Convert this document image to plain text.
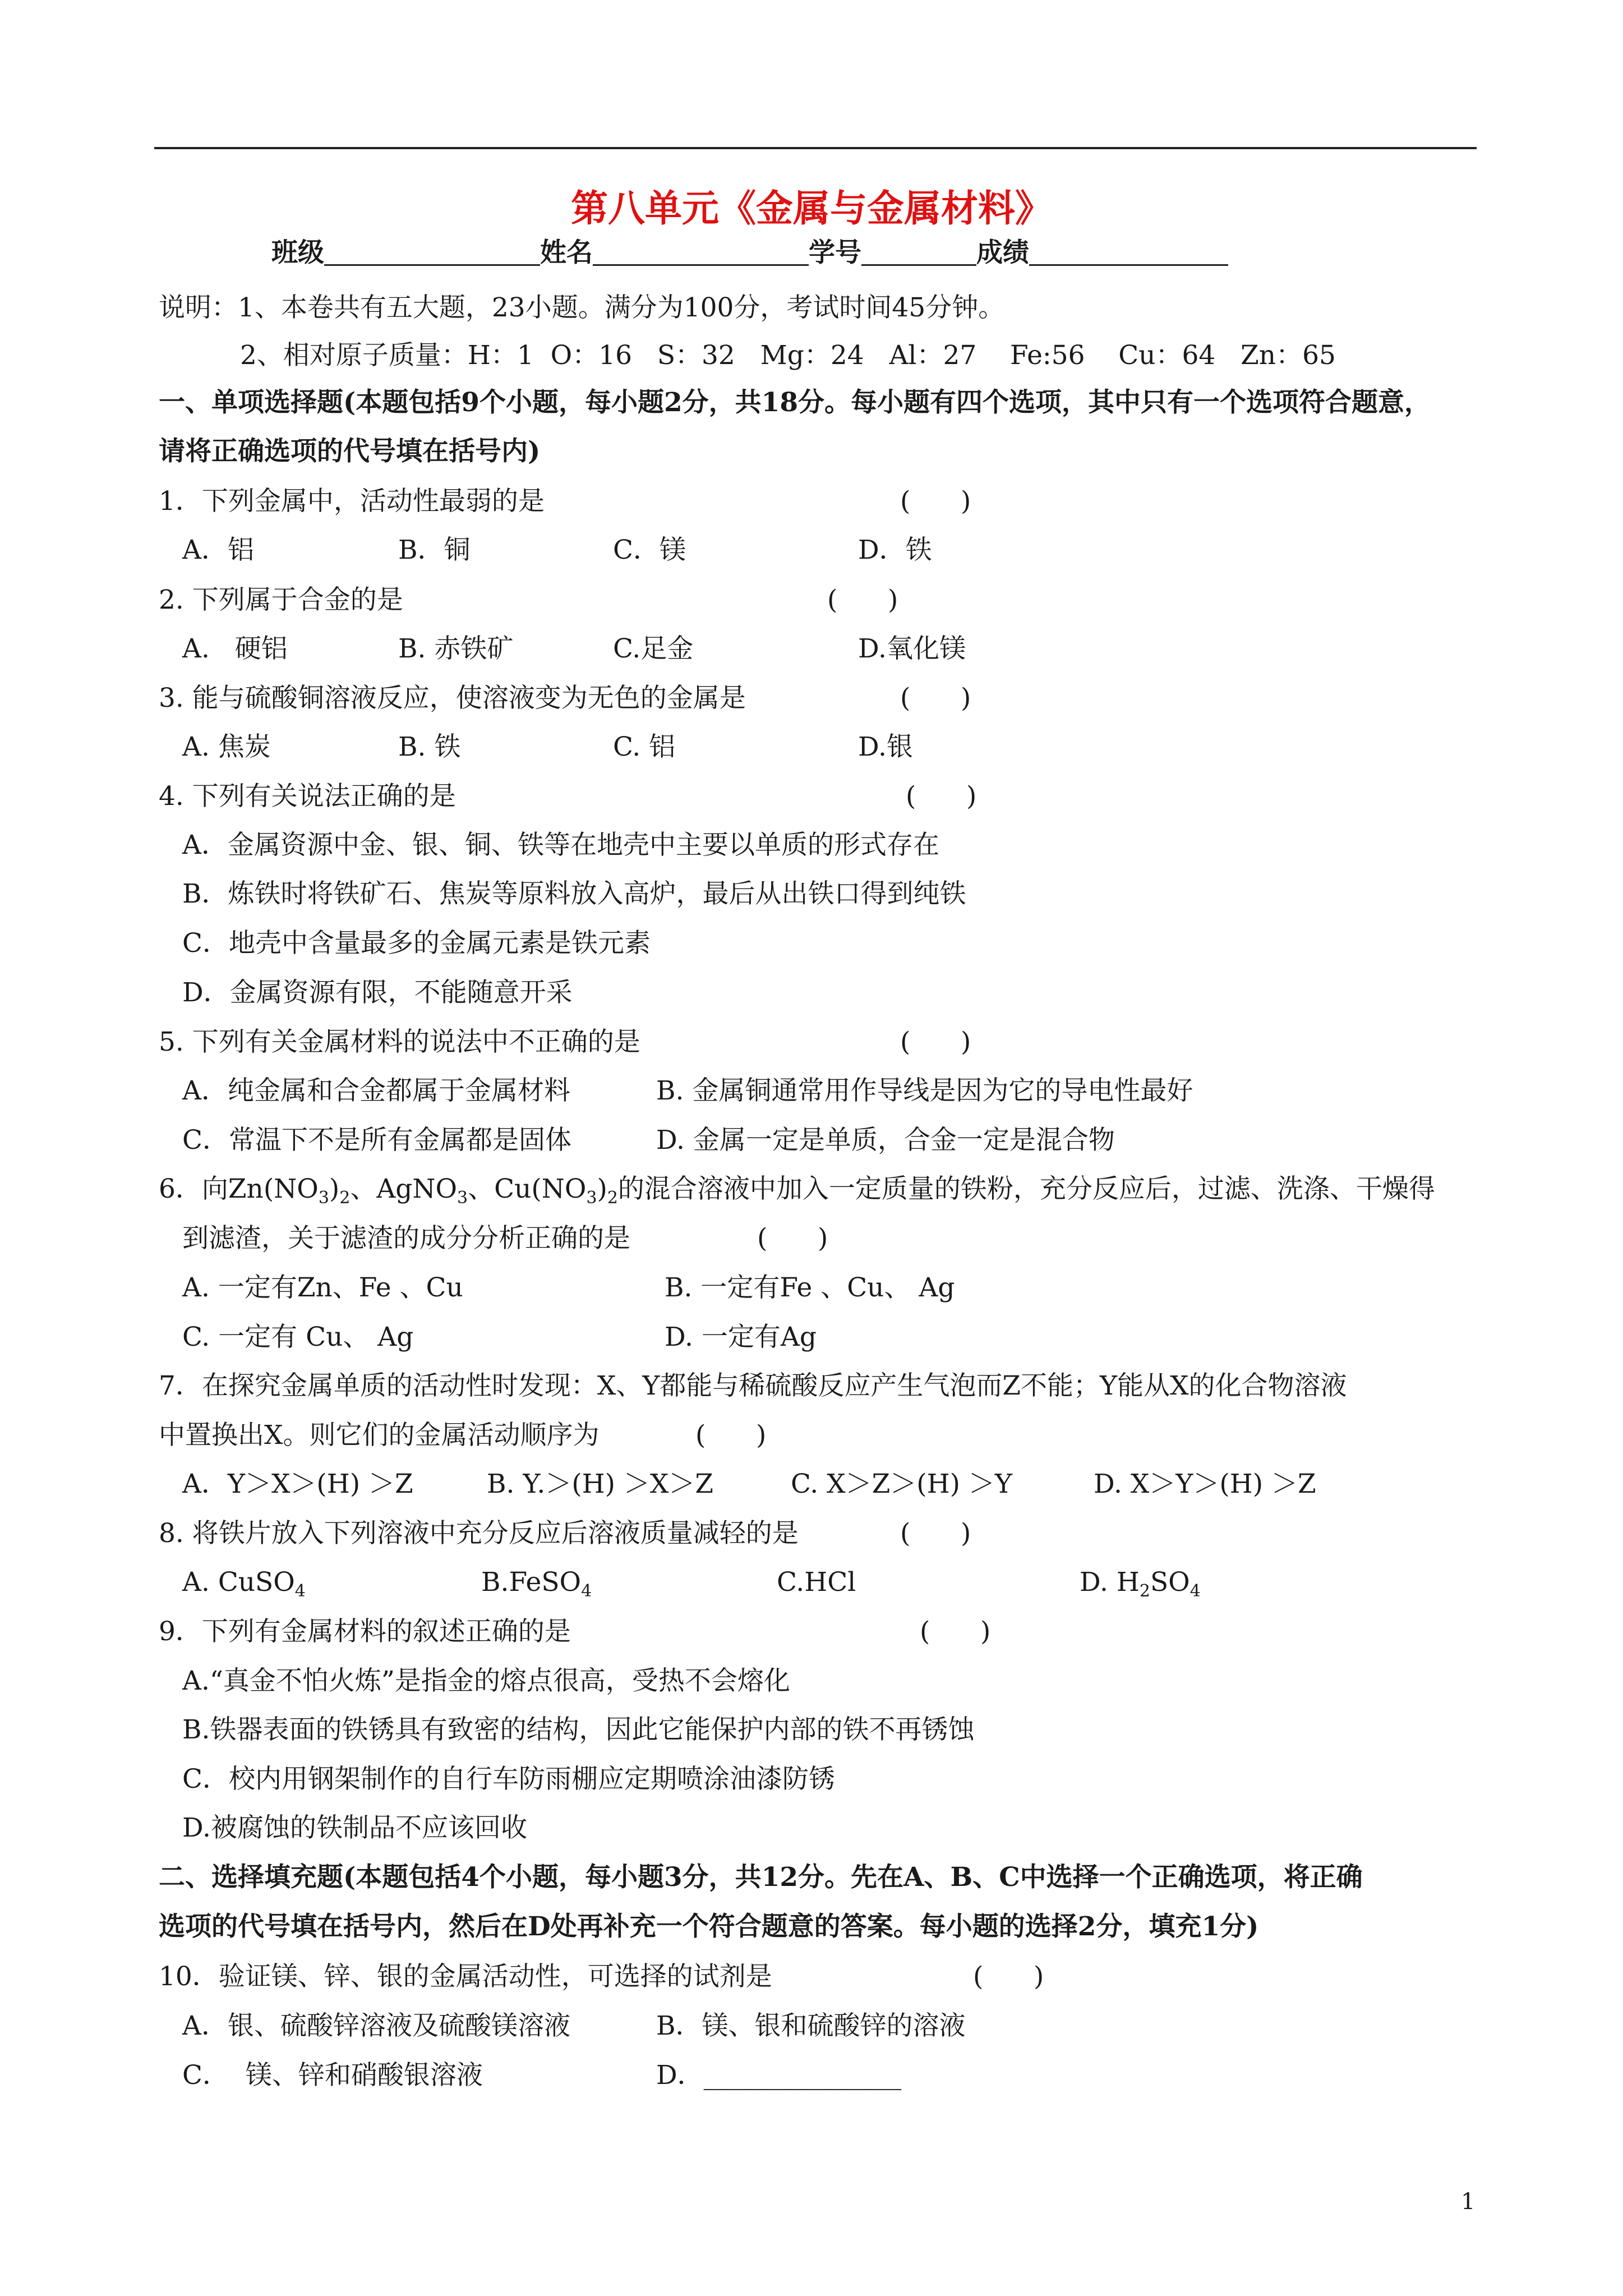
第八单元《金属与金属材料》
班级	姓名	学号	成绩
说明：1、本卷共有五大题，23小题。满分为100分，考试时间45分钟。
2、相对原子质量：H：1  O：16   S：32   Mg：24   Al：27    Fe:56    Cu：64   Zn：65
一、单项选择题(本题包括9个小题，每小题2分，共18分。每小题有四个选项，其中只有一个选项符合题意，
请将正确选项的代号填在括号内)
1．下列金属中，活动性最弱的是	(      )
A．铝	B．铜	C．镁	D．铁
2. 下列属于合金的是	(      )
A.   硬铝	B. 赤铁矿	C.足金	D.氧化镁
3. 能与硫酸铜溶液反应，使溶液变为无色的金属是	(      )
A. 焦炭	B. 铁	C. 铝	D.银
4. 下列有关说法正确的是	(      )
A．金属资源中金、银、铜、铁等在地壳中主要以单质的形式存在
B．炼铁时将铁矿石、焦炭等原料放入高炉，最后从出铁口得到纯铁
C．地壳中含量最多的金属元素是铁元素
D．金属资源有限，不能随意开采
5. 下列有关金属材料的说法中不正确的是	(      )
A．纯金属和合金都属于金属材料	B. 金属铜通常用作导线是因为它的导电性最好
C．常温下不是所有金属都是固体	D. 金属一定是单质，合金一定是混合物
6．向$Zn(NO_3)_2$、AgNO$_3$、$Cu(NO_3)_2$的混合溶液中加入一定质量的铁粉，充分反应后，过滤、洗涤、干燥得
到滤渣，关于滤渣的成分分析正确的是	(      )
A. 一定有Zn、Fe 、Cu	B. 一定有Fe 、Cu、 Ag
C. 一定有 Cu、 Ag	D. 一定有Ag
7．在探究金属单质的活动性时发现：X、Y都能与稀硫酸反应产生气泡而Z不能；Y能从X的化合物溶液
中置换出X。则它们的金属活动顺序为	(      )
A．Y＞X＞(H) ＞Z	B. Y.＞(H) ＞X＞Z	C. X＞Z＞(H) ＞Y	D. X＞Y＞(H) ＞Z
8. 将铁片放入下列溶液中充分反应后溶液质量减轻的是	(      )
A. CuSO$_4$	B.FeSO$_4$	C.HCl	D. $H_2SO_4$
9．下列有金属材料的叙述正确的是	(      )
A.“真金不怕火炼”是指金的熔点很高，受热不会熔化
B.铁器表面的铁锈具有致密的结构，因此它能保护内部的铁不再锈蚀
C．校内用钢架制作的自行车防雨棚应定期喷涂油漆防锈
D.被腐蚀的铁制品不应该回收
二、选择填充题(本题包括4个小题，每小题3分，共12分。先在A、B、C中选择一个正确选项，将正确
选项的代号填在括号内，然后在D处再补充一个符合题意的答案。每小题的选择2分，填充1分)
10．验证镁、锌、银的金属活动性，可选择的试剂是	(      )
A．银、硫酸锌溶液及硫酸镁溶液	B．镁、银和硫酸锌的溶液
C．  镁、锌和硝酸银溶液	D．_______________
1
